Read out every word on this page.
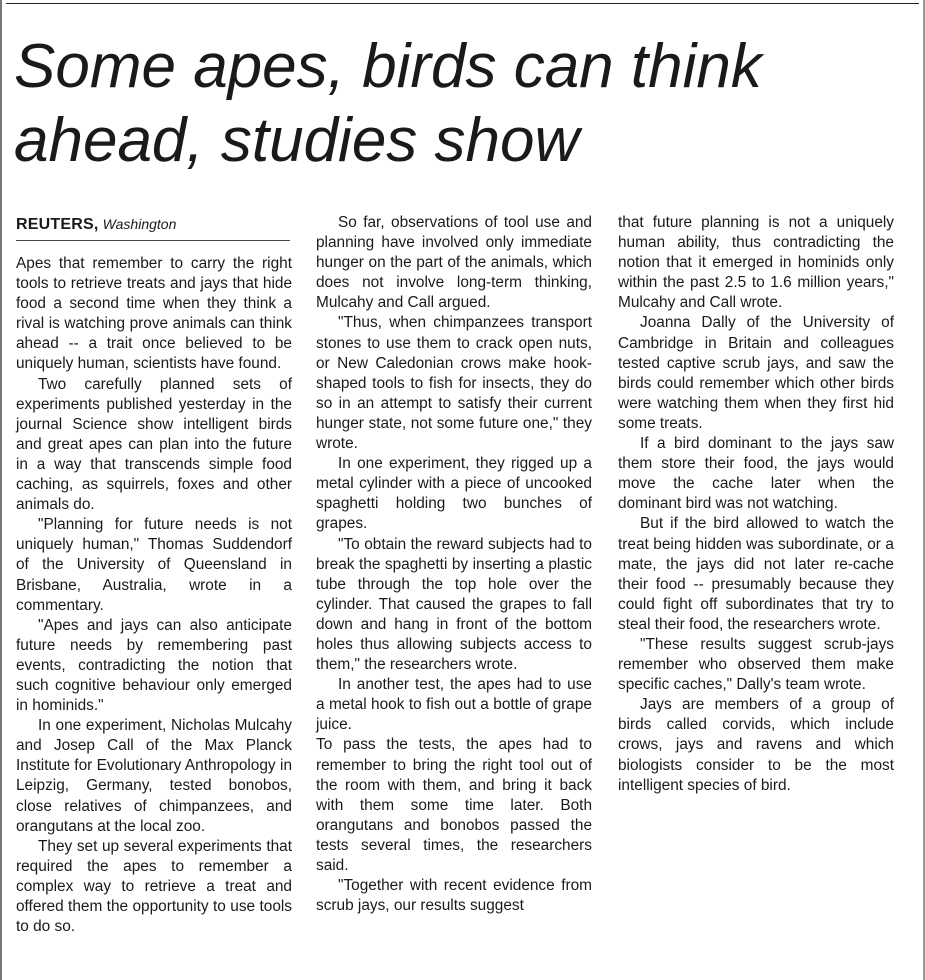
Some apes, birds can think ahead, studies show
REUTERS, Washington

Apes that remember to carry the right tools to retrieve treats and jays that hide food a second time when they think a rival is watching prove animals can think ahead -- a trait once believed to be uniquely human, scientists have found.

Two carefully planned sets of experiments published yesterday in the journal Science show intelligent birds and great apes can plan into the future in a way that transcends simple food caching, as squirrels, foxes and other animals do.

"Planning for future needs is not uniquely human," Thomas Suddendorf of the University of Queensland in Brisbane, Australia, wrote in a commentary.

"Apes and jays can also anticipate future needs by remembering past events, contradicting the notion that such cognitive behaviour only emerged in hominids."

In one experiment, Nicholas Mulcahy and Josep Call of the Max Planck Institute for Evolutionary Anthropology in Leipzig, Germany, tested bonobos, close relatives of chimpanzees, and orangutans at the local zoo.

They set up several experiments that required the apes to remember a complex way to retrieve a treat and offered them the opportunity to use tools to do so.

So far, observations of tool use and planning have involved only immediate hunger on the part of the animals, which does not involve long-term thinking, Mulcahy and Call argued.

"Thus, when chimpanzees transport stones to use them to crack open nuts, or New Caledonian crows make hook-shaped tools to fish for insects, they do so in an attempt to satisfy their current hunger state, not some future one," they wrote.

In one experiment, they rigged up a metal cylinder with a piece of uncooked spaghetti holding two bunches of grapes.

"To obtain the reward subjects had to break the spaghetti by inserting a plastic tube through the top hole over the cylinder. That caused the grapes to fall down and hang in front of the bottom holes thus allowing subjects access to them," the researchers wrote.

In another test, the apes had to use a metal hook to fish out a bottle of grape juice.

To pass the tests, the apes had to remember to bring the right tool out of the room with them, and bring it back with them some time later. Both orangutans and bonobos passed the tests several times, the researchers said.

"Together with recent evidence from scrub jays, our results suggest

that future planning is not a uniquely human ability, thus contradicting the notion that it emerged in hominids only within the past 2.5 to 1.6 million years," Mulcahy and Call wrote.

Joanna Dally of the University of Cambridge in Britain and colleagues tested captive scrub jays, and saw the birds could remember which other birds were watching them when they first hid some treats.

If a bird dominant to the jays saw them store their food, the jays would move the cache later when the dominant bird was not watching.

But if the bird allowed to watch the treat being hidden was subordinate, or a mate, the jays did not later re-cache their food -- presumably because they could fight off subordinates that try to steal their food, the researchers wrote.

"These results suggest scrub-jays remember who observed them make specific caches," Dally's team wrote.

Jays are members of a group of birds called corvids, which include crows, jays and ravens and which biologists consider to be the most intelligent species of bird.
